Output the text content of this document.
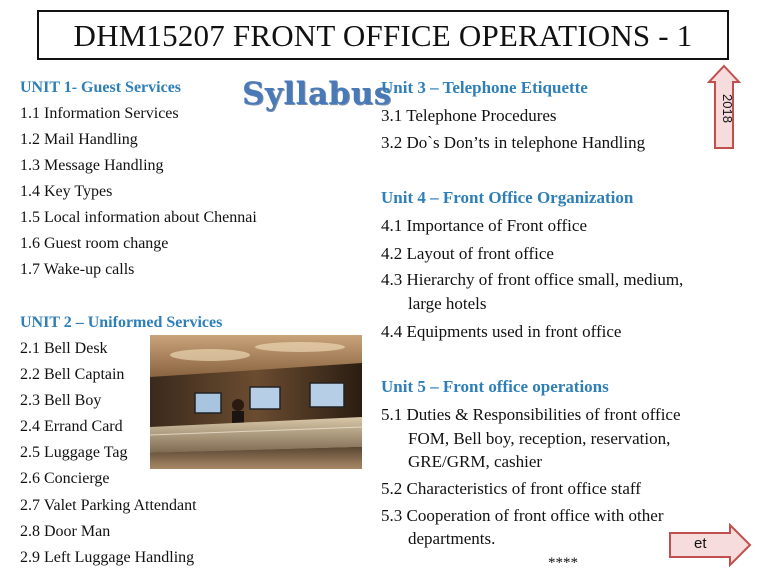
DHM15207 FRONT OFFICE OPERATIONS - 1
2018
Syllabus
UNIT 1- Guest Services
1.1 Information Services
1.2 Mail Handling
1.3 Message Handling
1.4 Key Types
1.5 Local information about Chennai
1.6 Guest room change
1.7 Wake-up calls
UNIT 2 – Uniformed Services
2.1 Bell Desk
2.2 Bell Captain
2.3 Bell Boy
2.4 Errand Card
2.5 Luggage Tag
2.6 Concierge
2.7 Valet Parking Attendant
2.8 Door Man
2.9 Left Luggage Handling
Unit 3 – Telephone Etiquette
3.1 Telephone Procedures
3.2 Do`s Don’ts in telephone Handling
Unit 4 – Front Office Organization
4.1 Importance of Front office
4.2 Layout of front office
4.3 Hierarchy of front office small, medium,
large hotels
4.4 Equipments used in front office
Unit 5 – Front office operations
5.1 Duties & Responsibilities of front office
FOM, Bell boy, reception, reservation,
GRE/GRM, cashier
5.2 Characteristics of front office staff
5.3 Cooperation of front office with other
departments.
****
et
